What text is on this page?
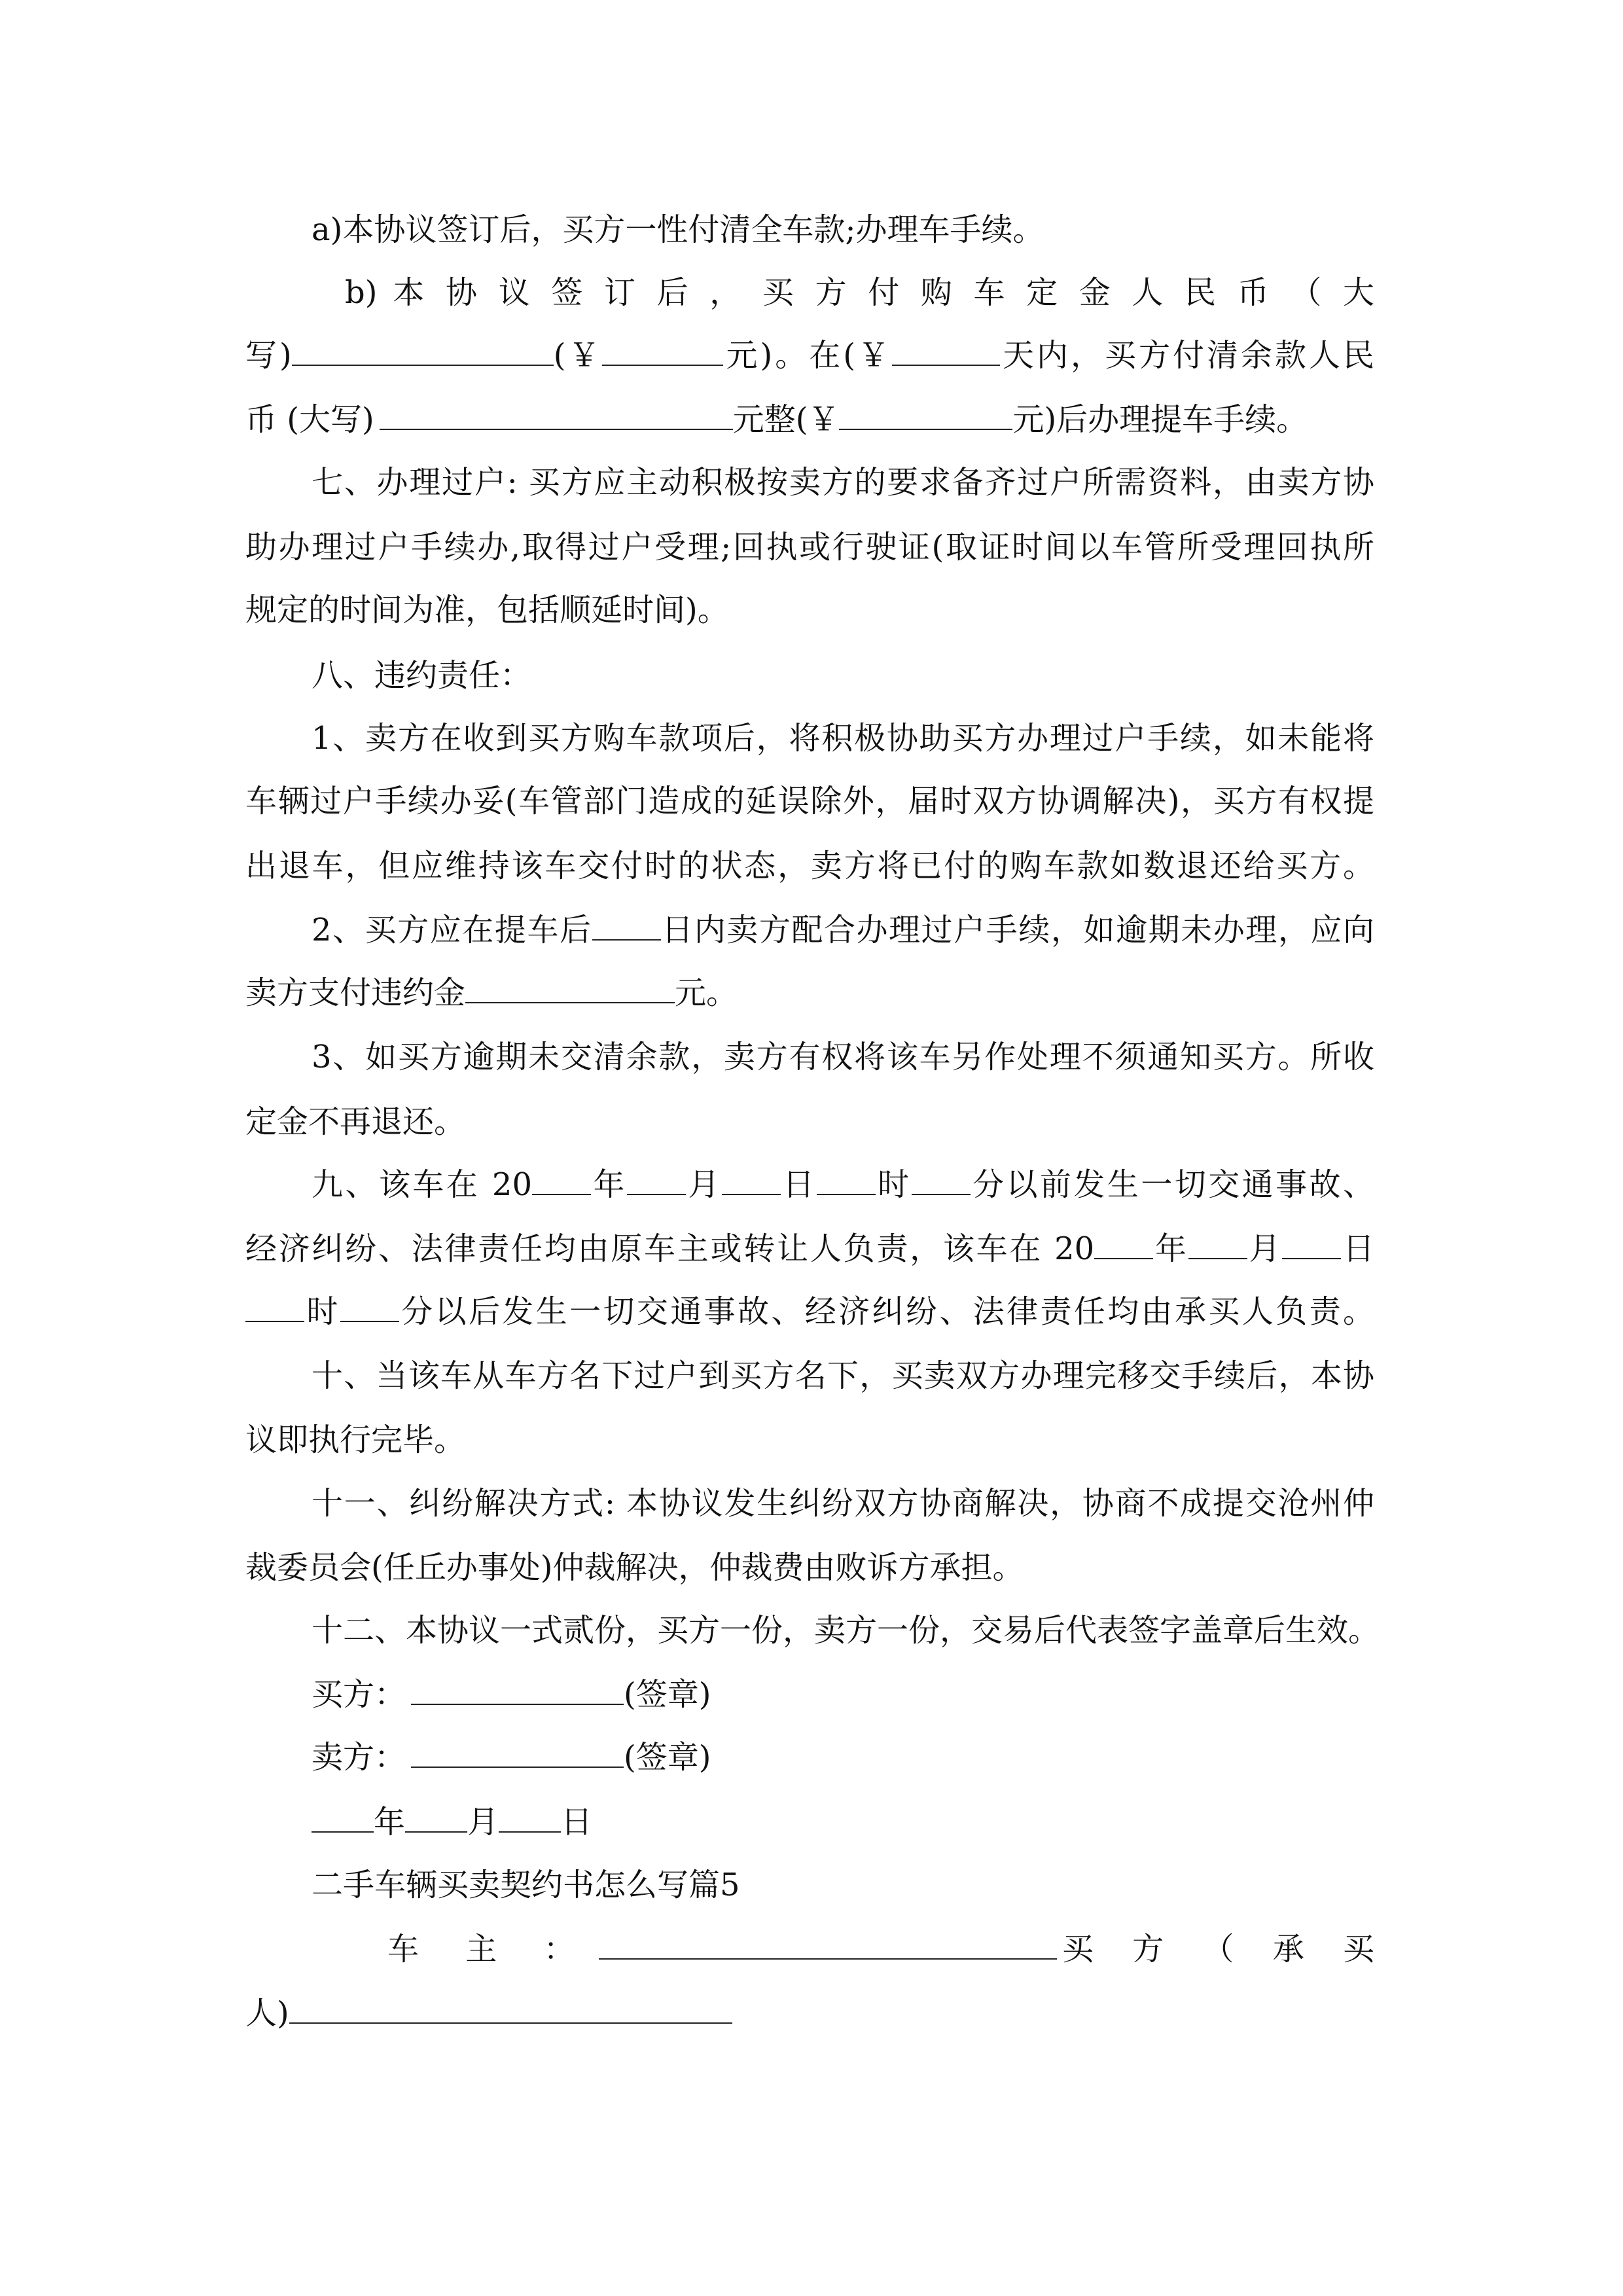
a)本协议签订后，买方一性付清全车款;办理车手续。
b) 本 协 议 签 订 后 ， 买 方 付 购 车 定 金 人 民 币 （ 大
写)	(￥	元)。在(￥	天内，买方付清余款人民
币 (大写)	元整(￥	元)后办理提车手续。
七、办理过户: 买方应主动积极按卖方的要求备齐过户所需资料，由卖方协
助办理过户手续办,取得过户受理;回执或行驶证(取证时间以车管所受理回执所
规定的时间为准，包括顺延时间)。
八、违约责任：
1、卖方在收到买方购车款项后，将积极协助买方办理过户手续，如未能将
车辆过户手续办妥(车管部门造成的延误除外，届时双方协调解决)，买方有权提
出退车，但应维持该车交付时的状态，卖方将已付的购车款如数退还给买方。
2、买方应在提车后 日内卖方配合办理过户手续，如逾期未办理，应向
卖方支付违约金	元。
3、如买方逾期未交清余款，卖方有权将该车另作处理不须通知买方。所收
定金不再退还。
九、该车在 20 年 月 日 时 分以前发生一切交通事故、
经济纠纷、法律责任均由原车主或转让人负责，该车在 20 年 月 日
时 分以后发生一切交通事故、经济纠纷、法律责任均由承买人负责。
十、当该车从车方名下过户到买方名下，买卖双方办理完移交手续后，本协
议即执行完毕。
十一、纠纷解决方式: 本协议发生纠纷双方协商解决，协商不成提交沧州仲
裁委员会(任丘办事处)仲裁解决，仲裁费由败诉方承担。
十二、本协议一式贰份，买方一份，卖方一份，交易后代表签字盖章后生效。
买方：	(签章)
卖方：	(签章)
年 月 日
二手车辆买卖契约书怎么写篇5
车 主 ：	买 方 （ 承 买
人)
